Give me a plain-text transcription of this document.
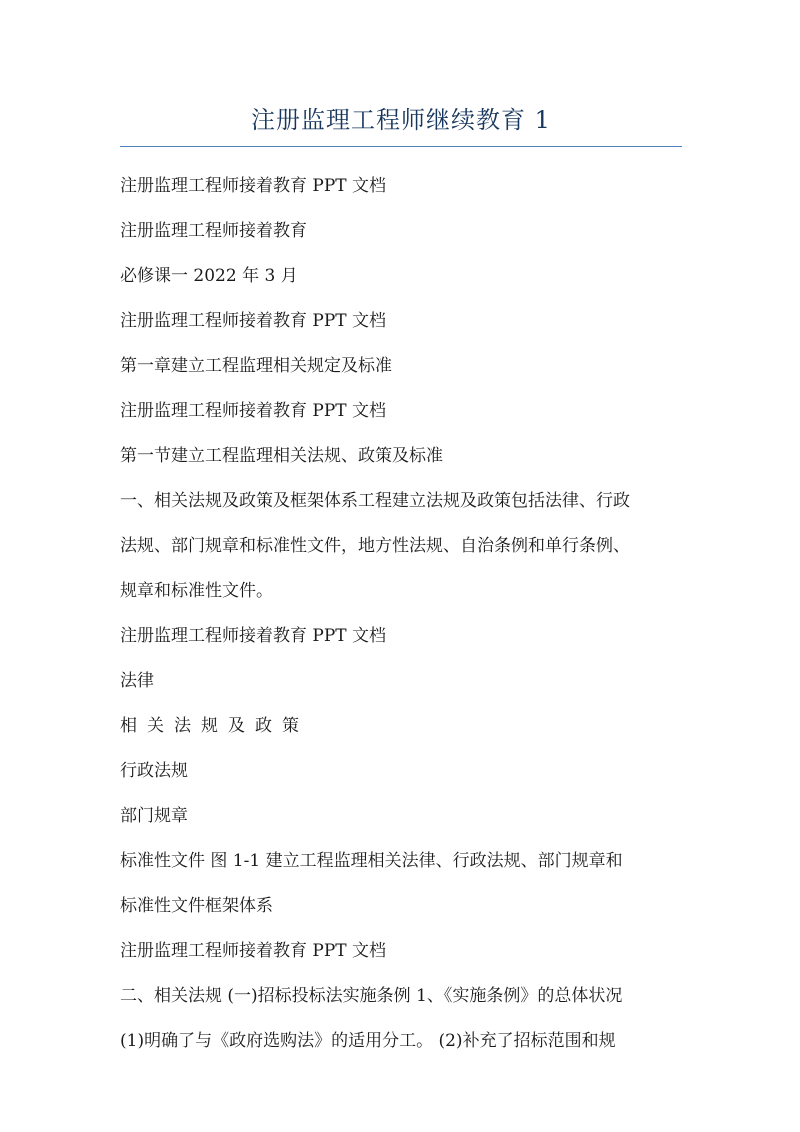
注册监理工程师继续教育 1
注册监理工程师接着教育 PPT 文档
注册监理工程师接着教育
必修课一 2022 年 3 月
注册监理工程师接着教育 PPT 文档
第一章建立工程监理相关规定及标准
注册监理工程师接着教育 PPT 文档
第一节建立工程监理相关法规、政策及标准
一、相关法规及政策及框架体系工程建立法规及政策包括法律、行政
法规、部门规章和标准性文件，地方性法规、自治条例和单行条例、
规章和标准性文件。
注册监理工程师接着教育 PPT 文档
法律
相关法规及政策
行政法规
部门规章
标准性文件 图 1-1 建立工程监理相关法律、行政法规、部门规章和
标准性文件框架体系
注册监理工程师接着教育 PPT 文档
二、相关法规 (一)招标投标法实施条例 1、《实施条例》的总体状况
(1)明确了与《政府选购法》的适用分工。 (2)补充了招标范围和规
